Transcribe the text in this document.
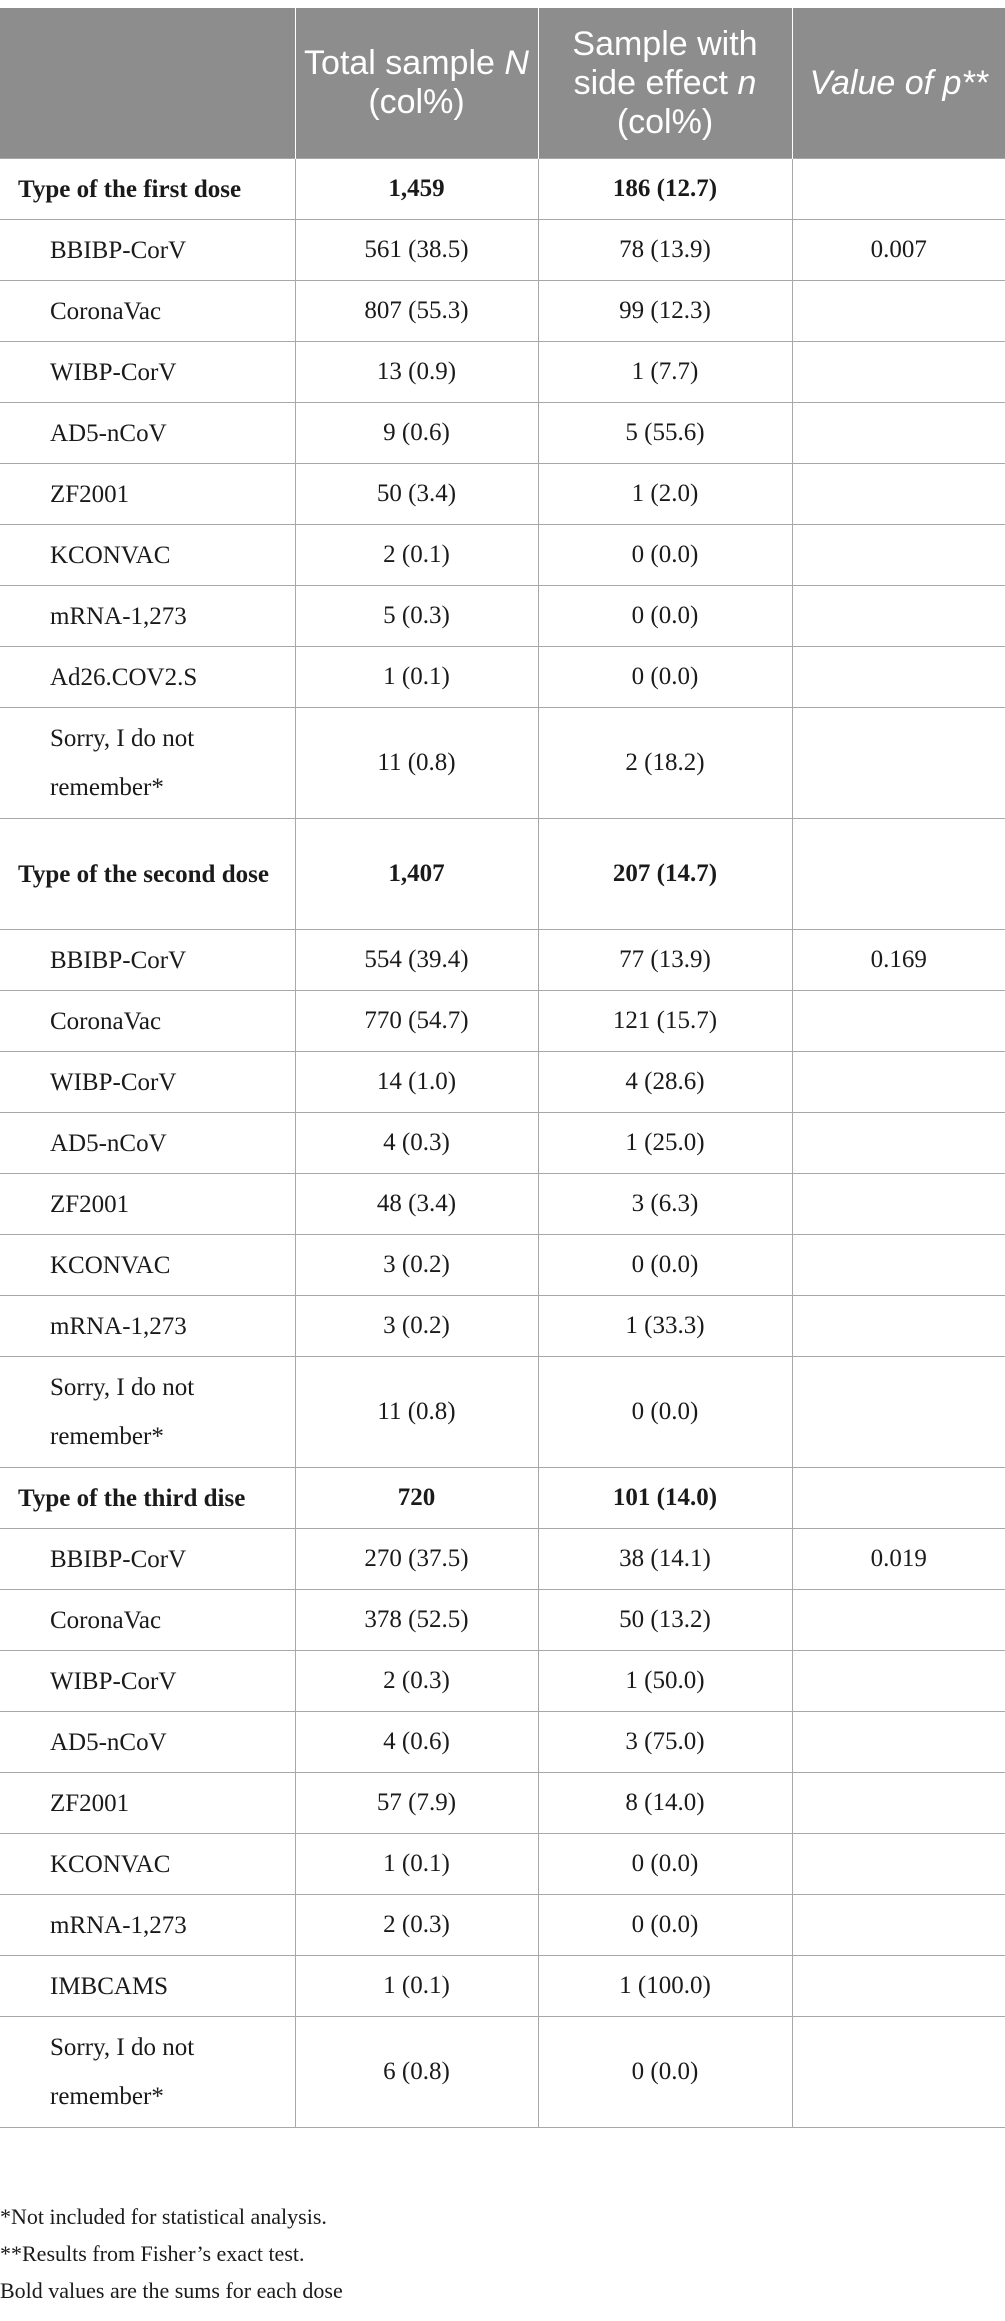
	Total sample N (col%)	Sample with side effect n (col%)	Value of p**
Type of the first dose	1,459	186 (12.7)	
BBIBP-CorV	561 (38.5)	78 (13.9)	0.007
CoronaVac	807 (55.3)	99 (12.3)	
WIBP-CorV	13 (0.9)	1 (7.7)	
AD5-nCoV	9 (0.6)	5 (55.6)	
ZF2001	50 (3.4)	1 (2.0)	
KCONVAC	2 (0.1)	0 (0.0)	
mRNA-1,273	5 (0.3)	0 (0.0)	
Ad26.COV2.S	1 (0.1)	0 (0.0)	
Sorry, I do not remember*	11 (0.8)	2 (18.2)	
Type of the second dose	1,407	207 (14.7)	
BBIBP-CorV	554 (39.4)	77 (13.9)	0.169
CoronaVac	770 (54.7)	121 (15.7)	
WIBP-CorV	14 (1.0)	4 (28.6)	
AD5-nCoV	4 (0.3)	1 (25.0)	
ZF2001	48 (3.4)	3 (6.3)	
KCONVAC	3 (0.2)	0 (0.0)	
mRNA-1,273	3 (0.2)	1 (33.3)	
Sorry, I do not remember*	11 (0.8)	0 (0.0)	
Type of the third dise	720	101 (14.0)	
BBIBP-CorV	270 (37.5)	38 (14.1)	0.019
CoronaVac	378 (52.5)	50 (13.2)	
WIBP-CorV	2 (0.3)	1 (50.0)	
AD5-nCoV	4 (0.6)	3 (75.0)	
ZF2001	57 (7.9)	8 (14.0)	
KCONVAC	1 (0.1)	0 (0.0)	
mRNA-1,273	2 (0.3)	0 (0.0)	
IMBCAMS	1 (0.1)	1 (100.0)	
Sorry, I do not remember*	6 (0.8)	0 (0.0)	
*Not included for statistical analysis.
**Results from Fisher’s exact test.
Bold values are the sums for each dose
